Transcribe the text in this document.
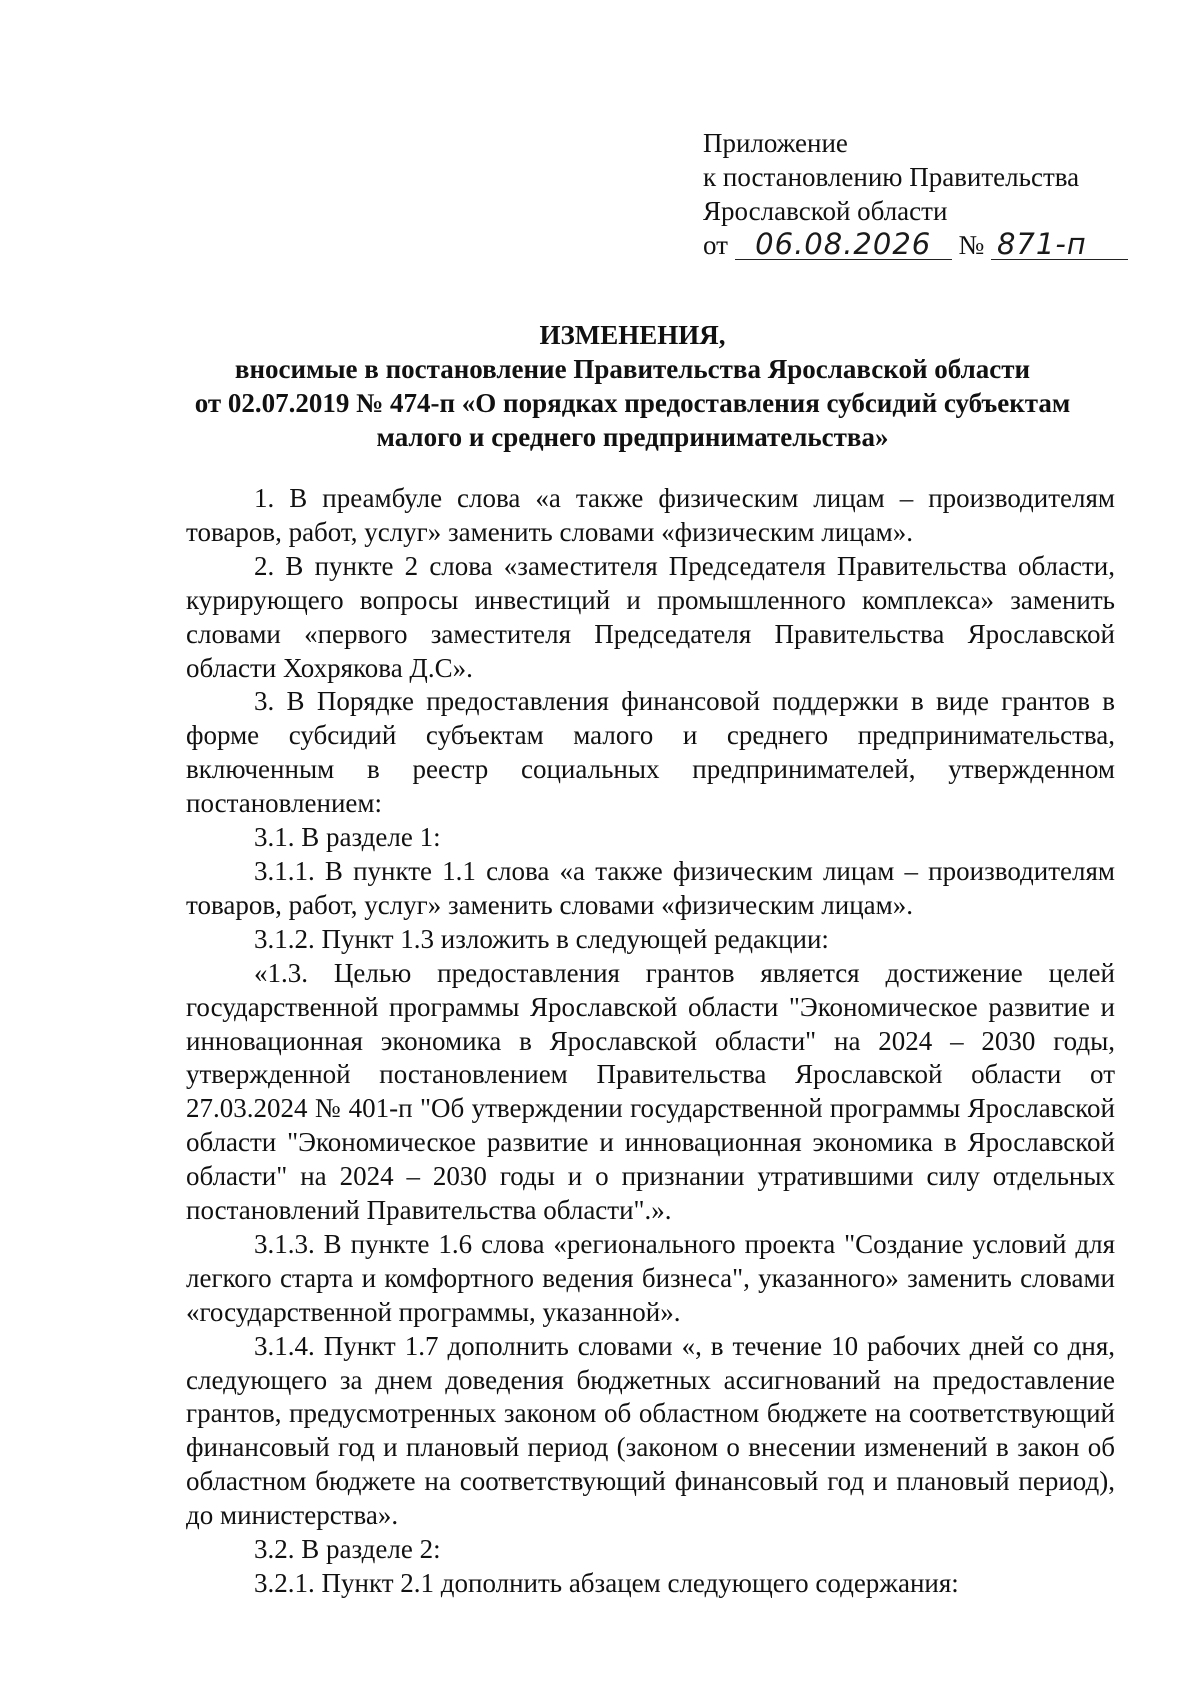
Приложение
к постановлению Правительства
Ярославской области
от 06.08.2026 № 871-п
ИЗМЕНЕНИЯ,
вносимые в постановление Правительства Ярославской области
от 02.07.2019 № 474-п «О порядках предоставления субсидий субъектам
малого и среднего предпринимательства»

1. В преамбуле слова «а также физическим лицам – производителям товаров, работ, услуг» заменить словами «физическим лицам».

2. В пункте 2 слова «заместителя Председателя Правительства области, курирующего вопросы инвестиций и промышленного комплекса» заменить словами «первого заместителя Председателя Правительства Ярославской области Хохрякова Д.С».

3. В Порядке предоставления финансовой поддержки в виде грантов в форме субсидий субъектам малого и среднего предпринимательства, включенным в реестр социальных предпринимателей, утвержденном постановлением:

3.1. В разделе 1:

3.1.1. В пункте 1.1 слова «а также физическим лицам – производителям товаров, работ, услуг» заменить словами «физическим лицам».

3.1.2. Пункт 1.3 изложить в следующей редакции:

«1.3. Целью предоставления грантов является достижение целей государственной программы Ярославской области "Экономическое развитие и инновационная экономика в Ярославской области" на 2024 – 2030 годы, утвержденной постановлением Правительства Ярославской области от 27.03.2024 № 401-п "Об утверждении государственной программы Ярославской области "Экономическое развитие и инновационная экономика в Ярославской области" на 2024 – 2030 годы и о признании утратившими силу отдельных постановлений Правительства области".».

3.1.3. В пункте 1.6 слова «регионального проекта "Создание условий для легкого старта и комфортного ведения бизнеса", указанного» заменить словами «государственной программы, указанной».

3.1.4. Пункт 1.7 дополнить словами «, в течение 10 рабочих дней со дня, следующего за днем доведения бюджетных ассигнований на предоставление грантов, предусмотренных законом об областном бюджете на соответствующий финансовый год и плановый период (законом о внесении изменений в закон об областном бюджете на соответствующий финансовый год и плановый период), до министерства».

3.2. В разделе 2:

3.2.1. Пункт 2.1 дополнить абзацем следующего содержания:
